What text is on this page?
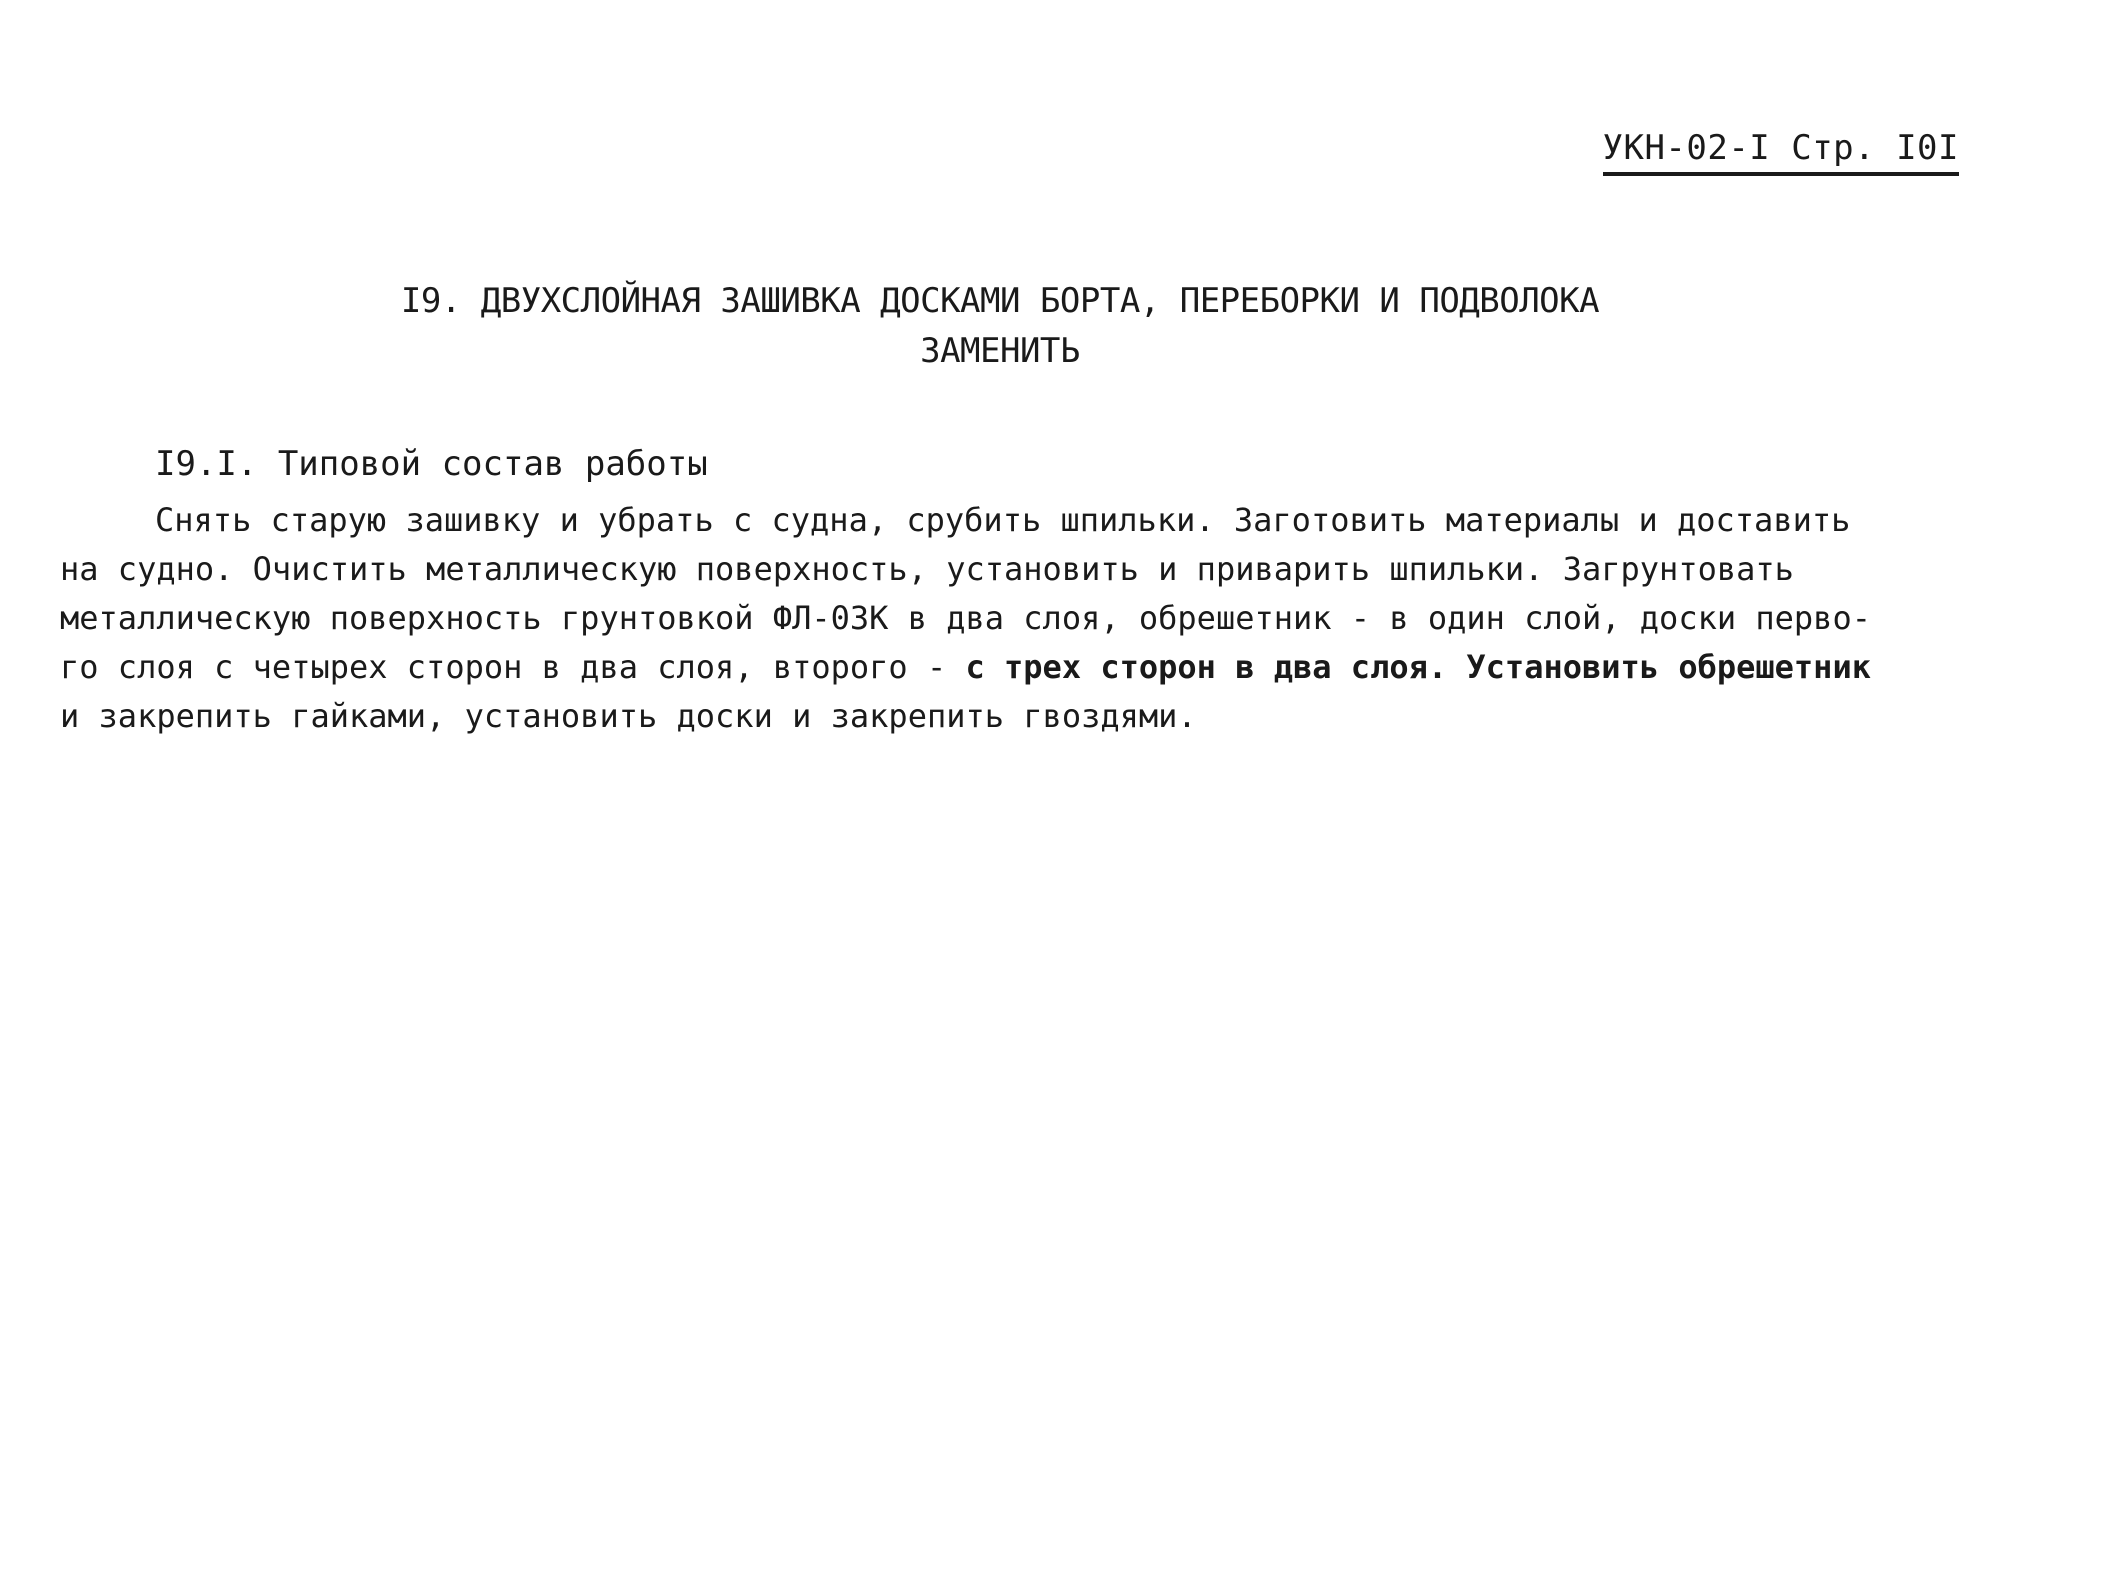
УКН-02-I Стр. I0I
I9. ДВУХСЛОЙНАЯ ЗАШИВКА ДОСКАМИ БОРТА, ПЕРЕБОРКИ И ПОДВОЛОКА
ЗАМЕНИТЬ
I9.I. Типовой состав работы
Снять старую зашивку и убрать с судна, срубить шпильки. Заготовить материалы и доставить
на судно. Очистить металлическую поверхность, установить и приварить шпильки. Загрунтовать
металлическую поверхность грунтовкой ФЛ-03К в два слоя, обрешетник - в один слой, доски перво-
го слоя с четырех сторон в два слоя, второго - с трех сторон в два слоя. Установить обрешетник
и закрепить гайками, установить доски и закрепить гвоздями.
